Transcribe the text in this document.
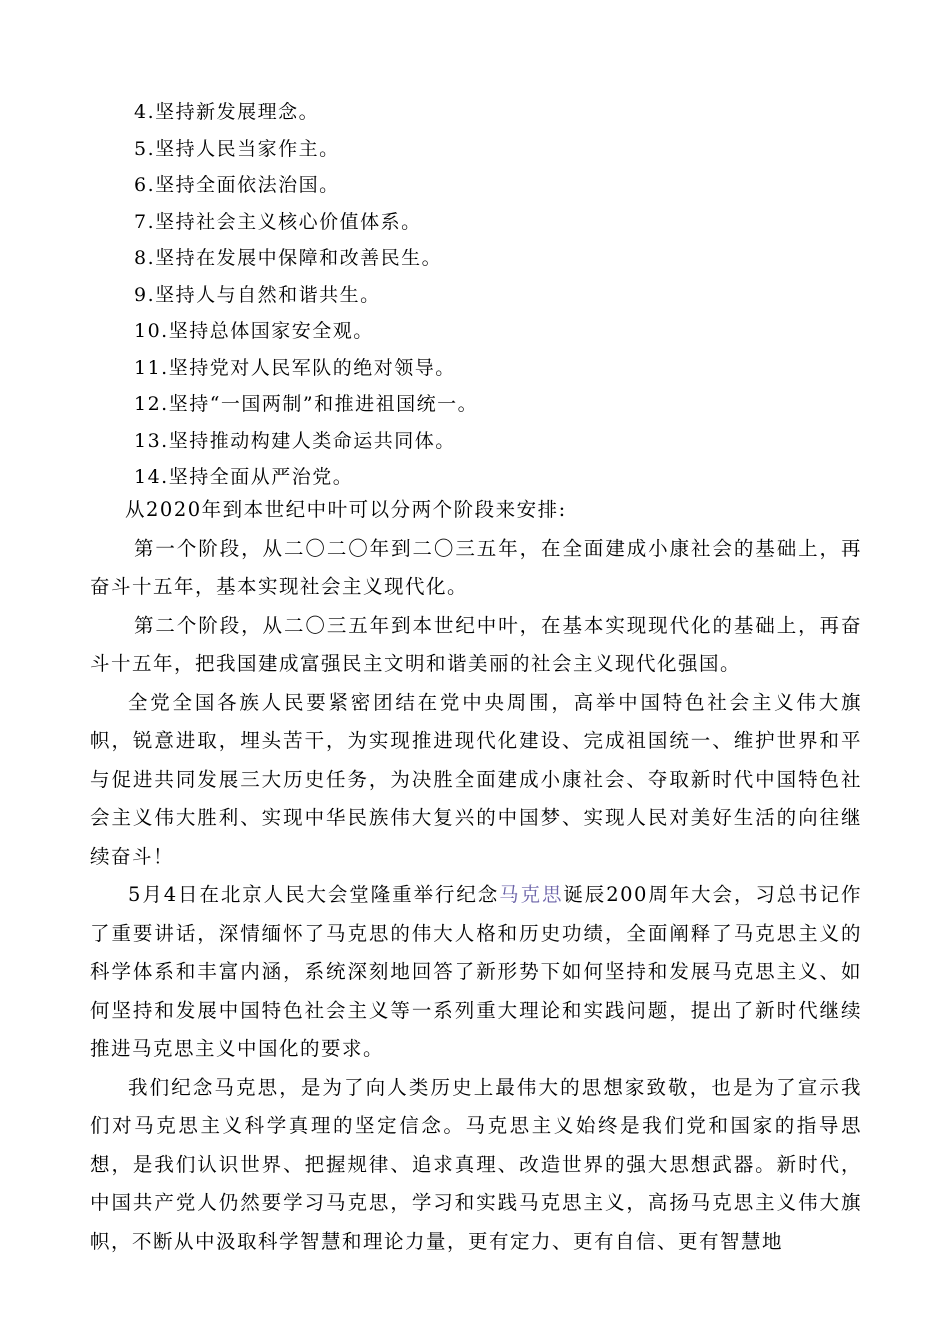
4.坚持新发展理念。
5.坚持人民当家作主。
6.坚持全面依法治国。
7.坚持社会主义核心价值体系。
8.坚持在发展中保障和改善民生。
9.坚持人与自然和谐共生。
10.坚持总体国家安全观。
11.坚持党对人民军队的绝对领导。
12.坚持“一国两制”和推进祖国统一。
13.坚持推动构建人类命运共同体。
14.坚持全面从严治党。

从2020年到本世纪中叶可以分两个阶段来安排:

第一个阶段，从二〇二〇年到二〇三五年，在全面建成小康社会的基础上，再奋斗十五年，基本实现社会主义现代化。

第二个阶段，从二〇三五年到本世纪中叶，在基本实现现代化的基础上，再奋斗十五年，把我国建成富强民主文明和谐美丽的社会主义现代化强国。

全党全国各族人民要紧密团结在党中央周围，高举中国特色社会主义伟大旗帜，锐意进取，埋头苦干，为实现推进现代化建设、完成祖国统一、维护世界和平与促进共同发展三大历史任务，为决胜全面建成小康社会、夺取新时代中国特色社会主义伟大胜利、实现中华民族伟大复兴的中国梦、实现人民对美好生活的向往继续奋斗！

5月4日在北京人民大会堂隆重举行纪念马克思诞辰200周年大会，习总书记作了重要讲话，深情缅怀了马克思的伟大人格和历史功绩，全面阐释了马克思主义的科学体系和丰富内涵，系统深刻地回答了新形势下如何坚持和发展马克思主义、如何坚持和发展中国特色社会主义等一系列重大理论和实践问题，提出了新时代继续推进马克思主义中国化的要求。

我们纪念马克思，是为了向人类历史上最伟大的思想家致敬，也是为了宣示我们对马克思主义科学真理的坚定信念。马克思主义始终是我们党和国家的指导思想，是我们认识世界、把握规律、追求真理、改造世界的强大思想武器。新时代，中国共产党人仍然要学习马克思，学习和实践马克思主义，高扬马克思主义伟大旗帜，不断从中汲取科学智慧和理论力量，更有定力、更有自信、更有智慧地
